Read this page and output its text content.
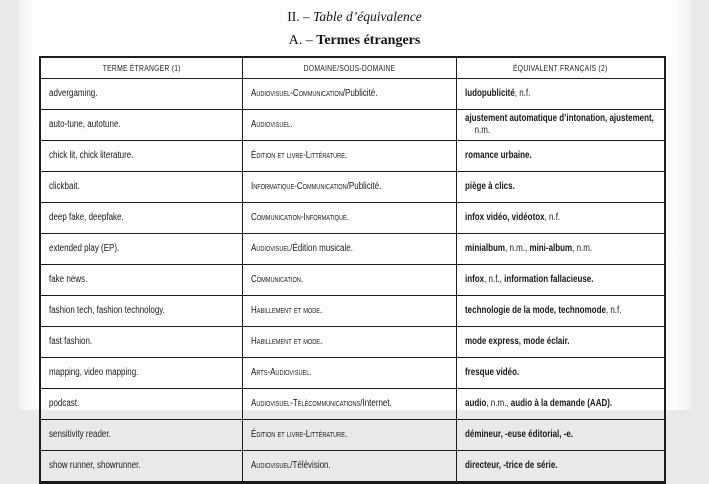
II. – Table d’équivalence
A. – Termes étrangers
TERME ÉTRANGER (1)	DOMAINE/SOUS-DOMAINE	ÉQUIVALENT FRANÇAIS (2)
advergaming.	Audiovisuel-Communication/Publicité.	ludopublicité, n.f.
auto-tune, autotune.	Audiovisuel.	ajustement automatique d’intonation, ajustement, n.m.
chick lit, chick literature.	Édition et livre-Littérature.	romance urbaine.
clickbait.	Informatique-Communication/Publicité.	piège à clics.
deep fake, deepfake.	Communication-Informatique.	infox vidéo, vidéotox, n.f.
extended play (EP).	Audiovisuel/Édition musicale.	minialbum, n.m., mini-album, n.m.
fake news.	Communication.	infox, n.f., information fallacieuse.
fashion tech, fashion technology.	Habillement et mode.	technologie de la mode, technomode, n.f.
fast fashion.	Habillement et mode.	mode express, mode éclair.
mapping, video mapping.	Arts-Audiovisuel.	fresque vidéo.
podcast.	Audiovisuel-Télécommunications/Internet.	audio, n.m., audio à la demande (AAD).
sensitivity reader.	Édition et livre-Littérature.	démineur, -euse éditorial, -e.
show runner, showrunner.	Audiovisuel/Télévision.	directeur, -trice de série.
